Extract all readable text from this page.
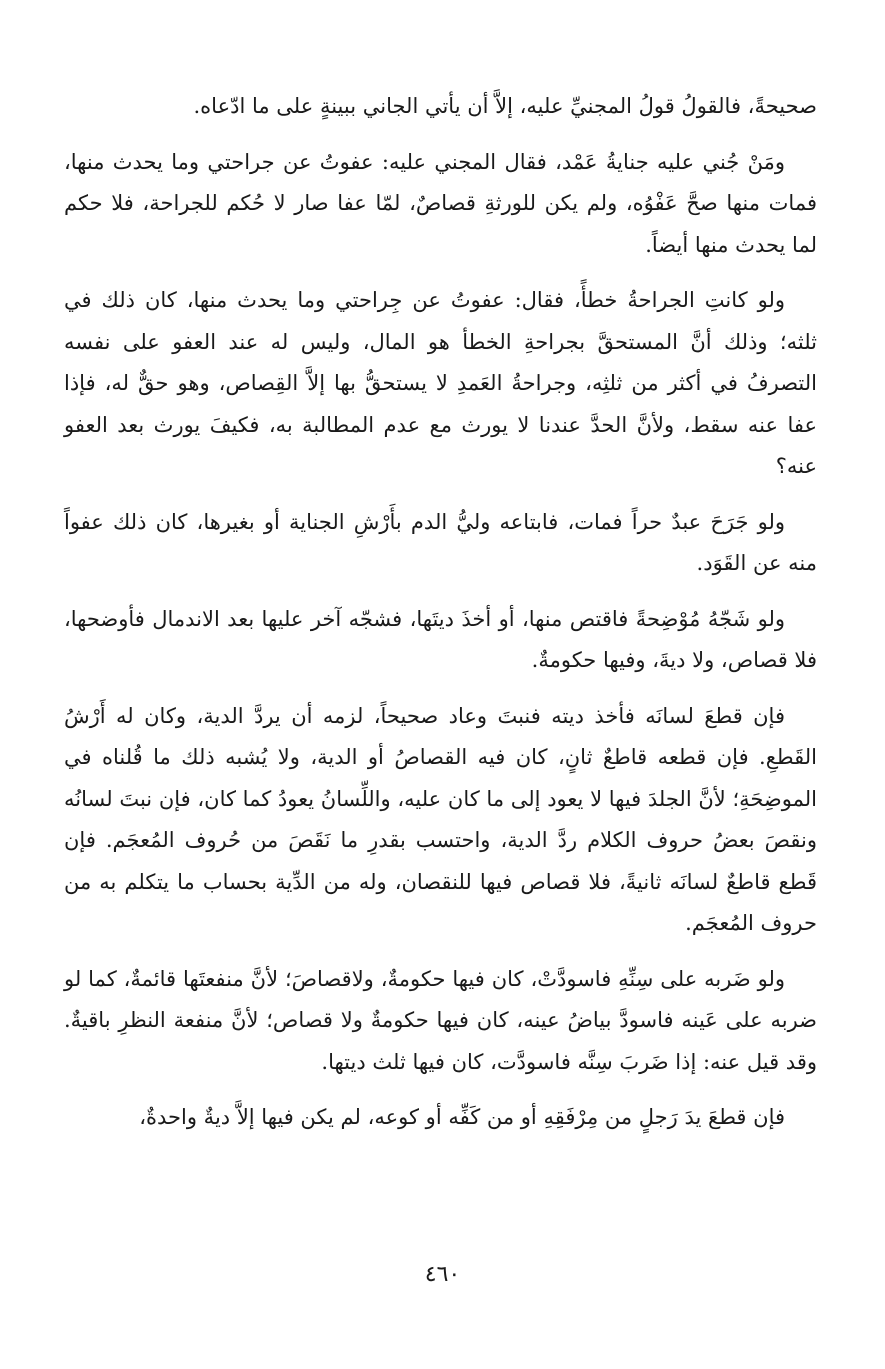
صحيحةً، فالقولُ قولُ المجنيِّ عليه، إلاَّ أن يأتي الجاني ببينةٍ على ما ادّعاه.

ومَنْ جُني عليه جنايةُ عَمْد، فقال المجني عليه: عفوتُ عن جراحتي وما يحدث منها، فمات منها صحَّ عَفْوُه، ولم يكن للورثةِ قصاصٌ، لمّا عفا صار لا حُكم للجراحة، فلا حكم لما يحدث منها أيضاً.

ولو كانتِ الجراحةُ خطأً، فقال: عفوتُ عن جِراحتي وما يحدث منها، كان ذلك في ثلثه؛ وذلك أنَّ المستحقَّ بجراحةِ الخطأ هو المال، وليس له عند العفو على نفسه التصرفُ في أكثر من ثلثِه، وجراحةُ العَمدِ لا يستحقُّ بها إلاَّ القِصاص، وهو حقٌّ له، فإذا عفا عنه سقط، ولأنَّ الحدَّ عندنا لا يورث مع عدم المطالبة به، فكيفَ يورث بعد العفو عنه؟

ولو جَرَحَ عبدٌ حراً فمات، فابتاعه وليُّ الدم بأَرْشِ الجناية أو بغيرها، كان ذلك عفواً منه عن القَوَد.

ولو شَجّهُ مُوْضِحةً فاقتص منها، أو أخذَ ديتَها، فشجّه آخر عليها بعد الاندمال فأوضحها، فلا قصاص، ولا ديةَ، وفيها حكومةٌ.

فإن قطعَ لسانَه فأخذ ديته فنبتَ وعاد صحيحاً، لزمه أن يردَّ الدية، وكان له أَرْشُ القَطعِ. فإن قطعه قاطعٌ ثانٍ، كان فيه القصاصُ أو الدية، ولا يُشبه ذلك ما قُلناه في الموضِحَةِ؛ لأنَّ الجلدَ فيها لا يعود إلى ما كان عليه، واللِّسانُ يعودُ كما كان، فإن نبتَ لسانُه ونقصَ بعضُ حروف الكلام ردَّ الدية، واحتسب بقدرِ ما نَقَصَ من حُروف المُعجَم. فإن قَطع قاطعٌ لسانَه ثانيةً، فلا قصاص فيها للنقصان، وله من الدِّية بحساب ما يتكلم به من حروف المُعجَم.

ولو ضَربه على سِنِّهِ فاسودَّتْ، كان فيها حكومةٌ، ولاقصاصَ؛ لأنَّ منفعتَها قائمةٌ، كما لو ضربه على عَينه فاسودَّ بياضُ عينه، كان فيها حكومةٌ ولا قصاص؛ لأنَّ منفعة النظرِ باقيةٌ. وقد قيل عنه: إذا ضَربَ سِنَّه فاسودَّت، كان فيها ثلث ديتها.

فإن قطعَ يدَ رَجلٍ من مِرْفَقِهِ أو من كَفِّه أو كوعه، لم يكن فيها إلاَّ ديةٌ واحدةٌ،

٤٦٠
